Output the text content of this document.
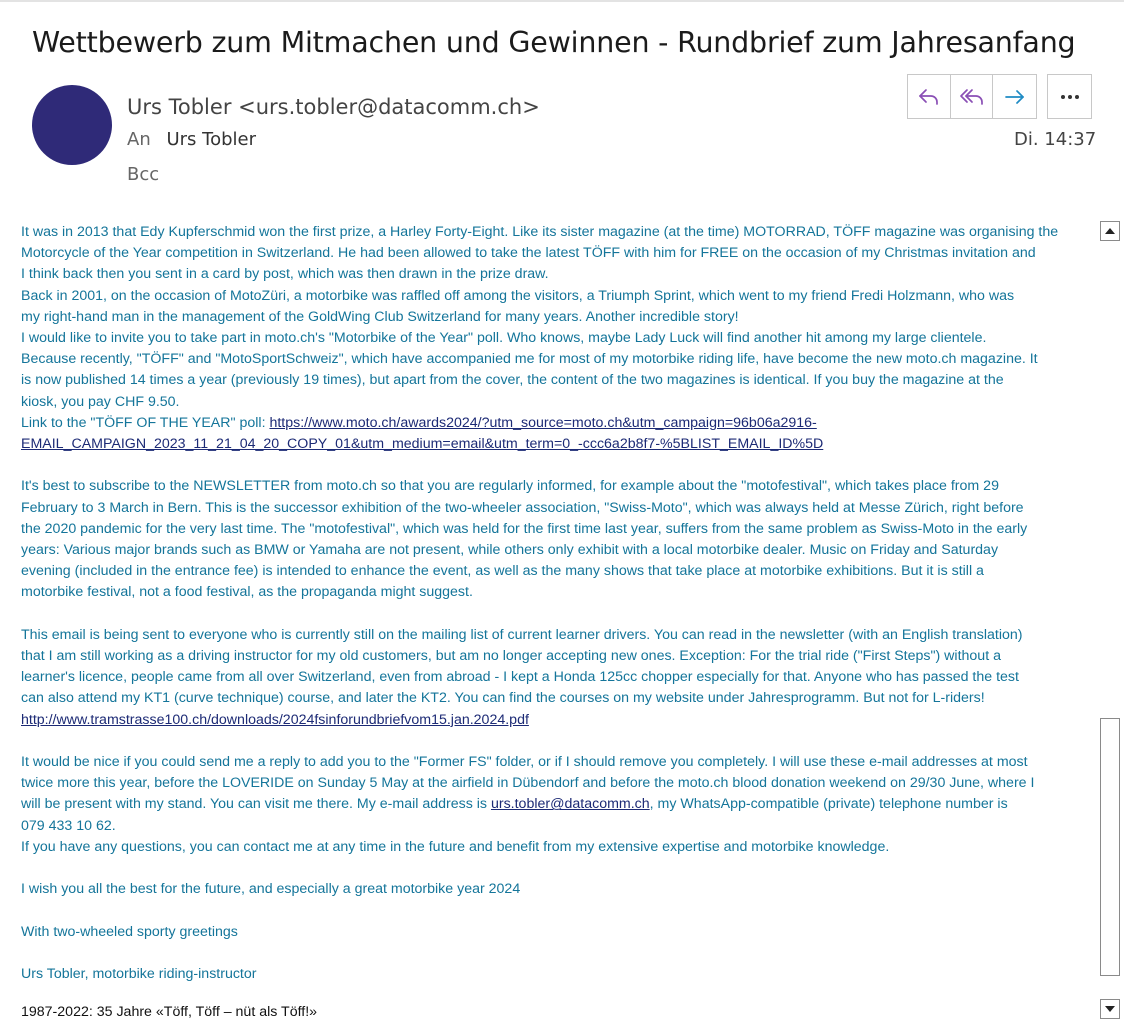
Wettbewerb zum Mitmachen und Gewinnen - Rundbrief zum Jahresanfang
Urs Tobler <urs.tobler@datacomm.ch>
An Urs Tobler
Bcc
Di. 14:37
It was in 2013 that Edy Kupferschmid won the first prize, a Harley Forty-Eight. Like its sister magazine (at the time) MOTORRAD, TÖFF magazine was organising the
Motorcycle of the Year competition in Switzerland. He had been allowed to take the latest TÖFF with him for FREE on the occasion of my Christmas invitation and
I think back then you sent in a card by post, which was then drawn in the prize draw.
Back in 2001, on the occasion of MotoZüri, a motorbike was raffled off among the visitors, a Triumph Sprint, which went to my friend Fredi Holzmann, who was
my right-hand man in the management of the GoldWing Club Switzerland for many years. Another incredible story!
I would like to invite you to take part in moto.ch's "Motorbike of the Year" poll. Who knows, maybe Lady Luck will find another hit among my large clientele.
Because recently, "TÖFF" and "MotoSportSchweiz", which have accompanied me for most of my motorbike riding life, have become the new moto.ch magazine. It
is now published 14 times a year (previously 19 times), but apart from the cover, the content of the two magazines is identical. If you buy the magazine at the
kiosk, you pay CHF 9.50.
Link to the "TÖFF OF THE YEAR" poll: https://www.moto.ch/awards2024/?utm_source=moto.ch&utm_campaign=96b06a2916-
EMAIL_CAMPAIGN_2023_11_21_04_20_COPY_01&utm_medium=email&utm_term=0_-ccc6a2b8f7-%5BLIST_EMAIL_ID%5D
It's best to subscribe to the NEWSLETTER from moto.ch so that you are regularly informed, for example about the "motofestival", which takes place from 29
February to 3 March in Bern. This is the successor exhibition of the two-wheeler association, "Swiss-Moto", which was always held at Messe Zürich, right before
the 2020 pandemic for the very last time. The "motofestival", which was held for the first time last year, suffers from the same problem as Swiss-Moto in the early
years: Various major brands such as BMW or Yamaha are not present, while others only exhibit with a local motorbike dealer. Music on Friday and Saturday
evening (included in the entrance fee) is intended to enhance the event, as well as the many shows that take place at motorbike exhibitions. But it is still a
motorbike festival, not a food festival, as the propaganda might suggest.
This email is being sent to everyone who is currently still on the mailing list of current learner drivers. You can read in the newsletter (with an English translation)
that I am still working as a driving instructor for my old customers, but am no longer accepting new ones. Exception: For the trial ride ("First Steps") without a
learner's licence, people came from all over Switzerland, even from abroad - I kept a Honda 125cc chopper especially for that. Anyone who has passed the test
can also attend my KT1 (curve technique) course, and later the KT2. You can find the courses on my website under Jahresprogramm. But not for L-riders!
http://www.tramstrasse100.ch/downloads/2024fsinforundbriefvom15.jan.2024.pdf
It would be nice if you could send me a reply to add you to the "Former FS" folder, or if I should remove you completely. I will use these e-mail addresses at most
twice more this year, before the LOVERIDE on Sunday 5 May at the airfield in Dübendorf and before the moto.ch blood donation weekend on 29/30 June, where I
will be present with my stand. You can visit me there. My e-mail address is urs.tobler@datacomm.ch, my WhatsApp-compatible (private) telephone number is
079 433 10 62.
If you have any questions, you can contact me at any time in the future and benefit from my extensive expertise and motorbike knowledge.
I wish you all the best for the future, and especially a great motorbike year 2024
With two-wheeled sporty greetings
Urs Tobler, motorbike riding-instructor
1987-2022: 35 Jahre «Töff, Töff – nüt als Töff!»
